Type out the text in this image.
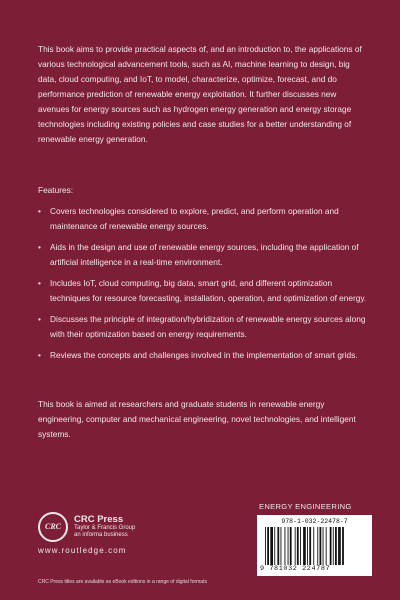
This book aims to provide practical aspects of, and an introduction to, the applications of various technological advancement tools, such as AI, machine learning to design, big data, cloud computing, and IoT, to model, characterize, optimize, forecast, and do performance prediction of renewable energy exploitation. It further discusses new avenues for energy sources such as hydrogen energy generation and energy storage technologies including existing policies and case studies for a better understanding of renewable energy generation.
Features:
• Covers technologies considered to explore, predict, and perform operation and maintenance of renewable energy sources.
• Aids in the design and use of renewable energy sources, including the application of artificial intelligence in a real-time environment.
• Includes IoT, cloud computing, big data, smart grid, and different optimization techniques for resource forecasting, installation, operation, and optimization of energy.
• Discusses the principle of integration/hybridization of renewable energy sources along with their optimization based on energy requirements.
• Reviews the concepts and challenges involved in the implementation of smart grids.
This book is aimed at researchers and graduate students in renewable energy engineering, computer and mechanical engineering, novel technologies, and intelligent systems.
CRC
CRC Press
Taylor & Francis Group
an informa business
www.routledge.com
CRC Press titles are available as eBook editions in a range of digital formats
ENERGY ENGINEERING
978-1-032-22478-7
9 781032 224787
